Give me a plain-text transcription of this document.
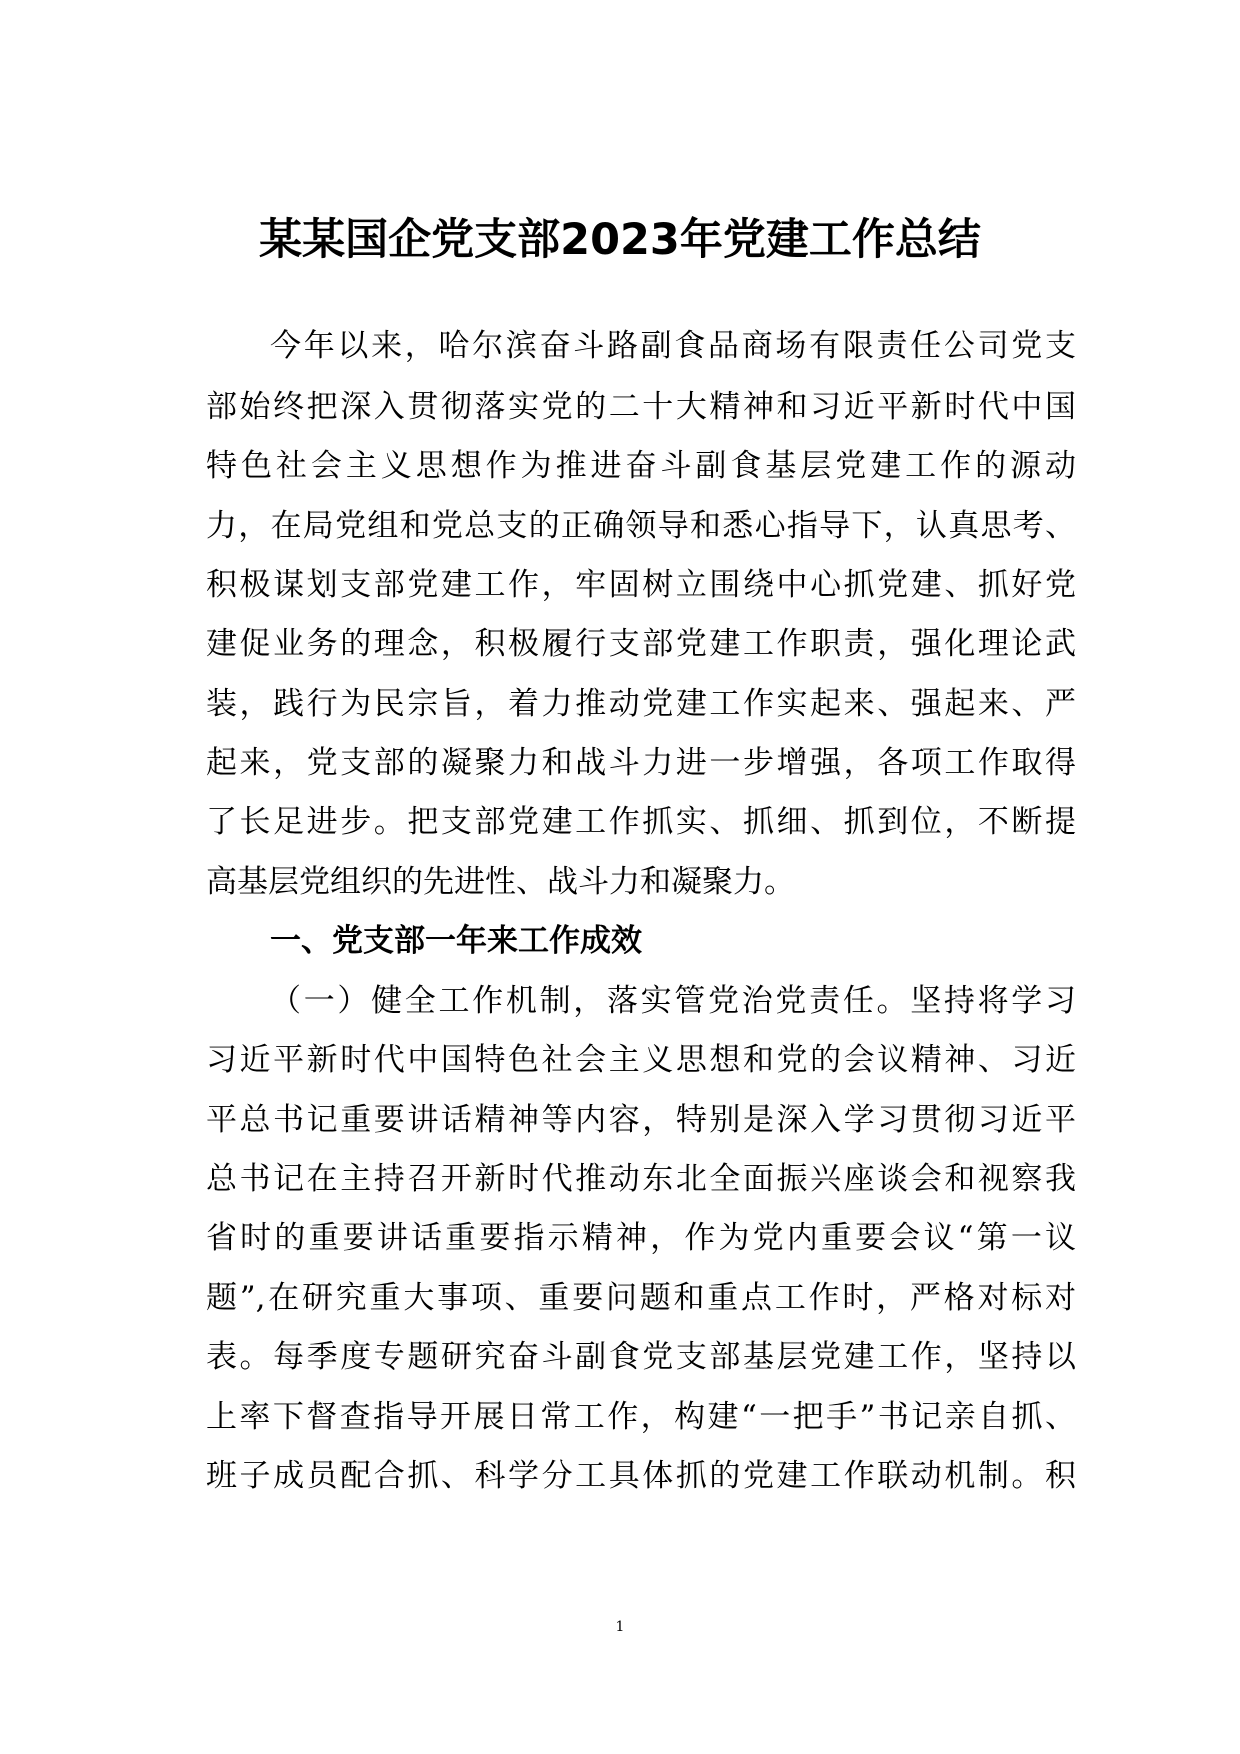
某某国企党支部2023年党建工作总结
今年以来，哈尔滨奋斗路副食品商场有限责任公司党支
部始终把深入贯彻落实党的二十大精神和习近平新时代中国
特色社会主义思想作为推进奋斗副食基层党建工作的源动
力，在局党组和党总支的正确领导和悉心指导下，认真思考、
积极谋划支部党建工作，牢固树立围绕中心抓党建、抓好党
建促业务的理念，积极履行支部党建工作职责，强化理论武
装，践行为民宗旨，着力推动党建工作实起来、强起来、严
起来，党支部的凝聚力和战斗力进一步增强，各项工作取得
了长足进步。把支部党建工作抓实、抓细、抓到位，不断提
高基层党组织的先进性、战斗力和凝聚力。
一、党支部一年来工作成效
（一）健全工作机制，落实管党治党责任。坚持将学习
习近平新时代中国特色社会主义思想和党的会议精神、习近
平总书记重要讲话精神等内容，特别是深入学习贯彻习近平
总书记在主持召开新时代推动东北全面振兴座谈会和视察我
省时的重要讲话重要指示精神，作为党内重要会议“第一议
题”,在研究重大事项、重要问题和重点工作时，严格对标对
表。每季度专题研究奋斗副食党支部基层党建工作，坚持以
上率下督查指导开展日常工作，构建“一把手”书记亲自抓、
班子成员配合抓、科学分工具体抓的党建工作联动机制。积
1
